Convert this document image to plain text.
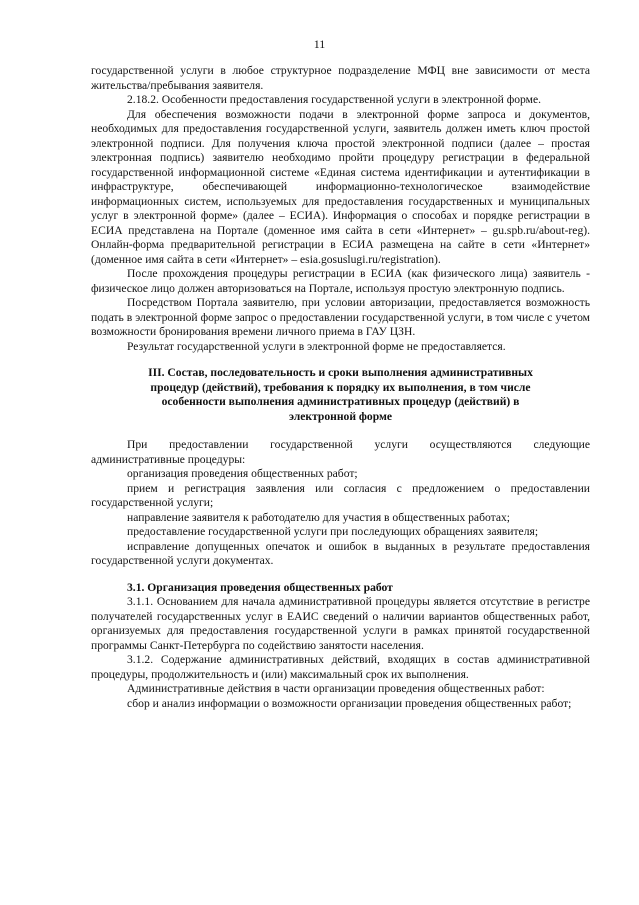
11

государственной услуги в любое структурное подразделение МФЦ вне зависимости от места жительства/пребывания заявителя.

2.18.2. Особенности предоставления государственной услуги в электронной форме.

Для обеспечения возможности подачи в электронной форме запроса и документов, необходимых для предоставления государственной услуги, заявитель должен иметь ключ простой электронной подписи. Для получения ключа простой электронной подписи (далее – простая электронная подпись) заявителю необходимо пройти процедуру регистрации в федеральной государственной информационной системе «Единая система идентификации и аутентификации в инфраструктуре, обеспечивающей информационно-технологическое взаимодействие информационных систем, используемых для предоставления государственных и муниципальных услуг в электронной форме» (далее – ЕСИА). Информация о способах и порядке регистрации в ЕСИА представлена на Портале (доменное имя сайта в сети «Интернет» – gu.spb.ru/about-reg). Онлайн-форма предварительной регистрации в ЕСИА размещена на сайте в сети «Интернет» (доменное имя сайта в сети «Интернет» – esia.gosuslugi.ru/registration).

После прохождения процедуры регистрации в ЕСИА (как физического лица) заявитель - физическое лицо должен авторизоваться на Портале, используя простую электронную подпись.

Посредством Портала заявителю, при условии авторизации, предоставляется возможность подать в электронной форме запрос о предоставлении государственной услуги, в том числе с учетом возможности бронирования времени личного приема в ГАУ ЦЗН.

Результат государственной услуги в электронной форме не предоставляется.

III. Состав, последовательность и сроки выполнения административных процедур (действий), требования к порядку их выполнения, в том числе особенности выполнения административных процедур (действий) в электронной форме

При предоставлении государственной услуги осуществляются следующие административные процедуры:

организация проведения общественных работ;

прием и регистрация заявления или согласия с предложением о предоставлении государственной услуги;

направление заявителя к работодателю для участия в общественных работах;

предоставление государственной услуги при последующих обращениях заявителя;

исправление допущенных опечаток и ошибок в выданных в результате предоставления государственной услуги документах.

3.1. Организация проведения общественных работ

3.1.1. Основанием для начала административной процедуры является отсутствие в регистре получателей государственных услуг в ЕАИС сведений о наличии вариантов общественных работ, организуемых для предоставления государственной услуги в рамках принятой государственной программы Санкт-Петербурга по содействию занятости населения.

3.1.2. Содержание административных действий, входящих в состав административной процедуры, продолжительность и (или) максимальный срок их выполнения.

Административные действия в части организации проведения общественных работ:

сбор и анализ информации о возможности организации проведения общественных работ;
